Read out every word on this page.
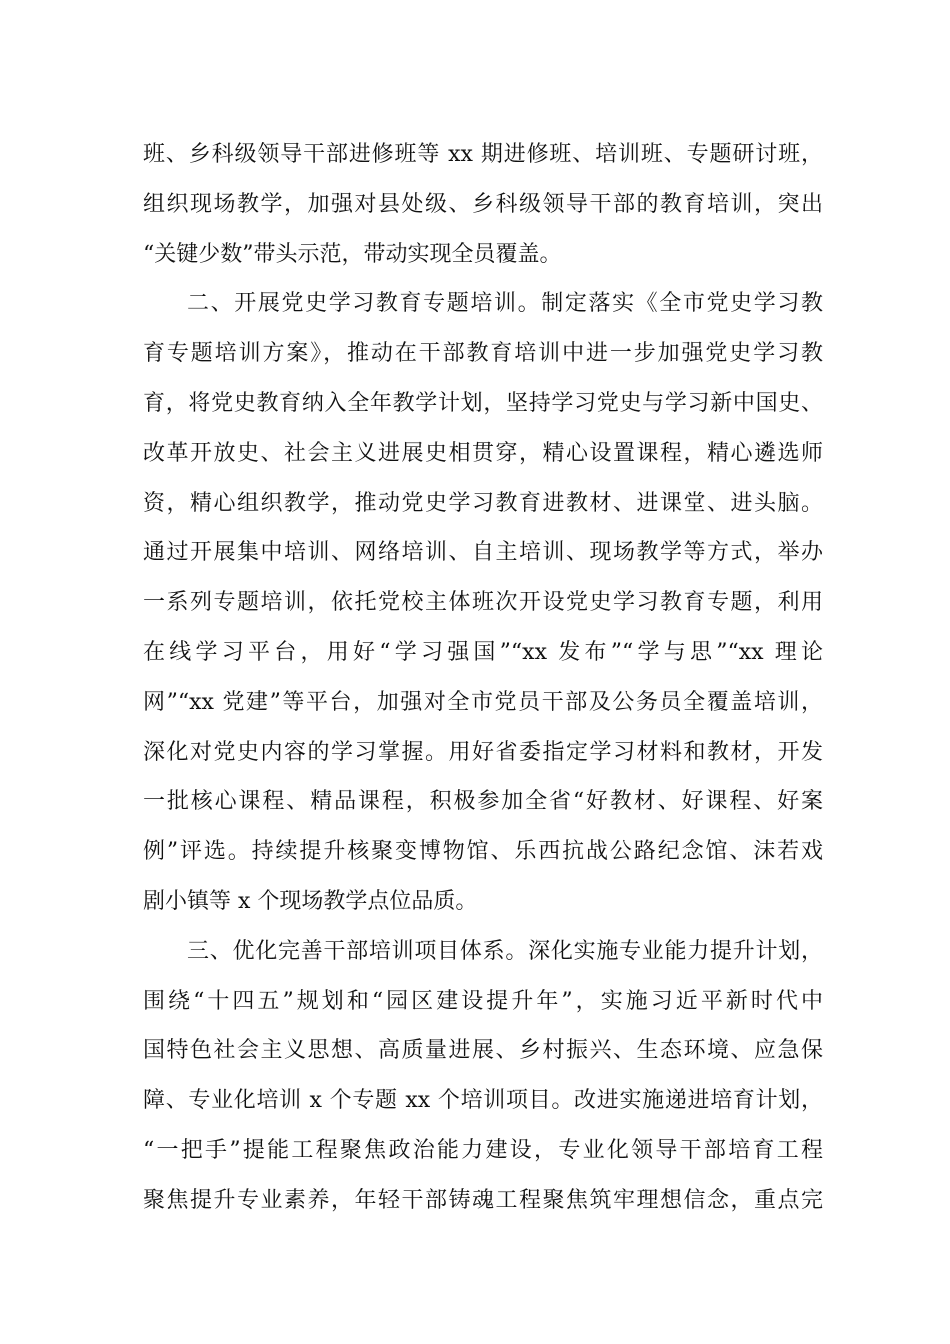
班、乡科级领导干部进修班等 xx 期进修班、培训班、专题研讨班，
组织现场教学，加强对县处级、乡科级领导干部的教育培训，突出
“关键少数”带头示范，带动实现全员覆盖。
二、开展党史学习教育专题培训。制定落实《全市党史学习教
育专题培训方案》，推动在干部教育培训中进一步加强党史学习教
育，将党史教育纳入全年教学计划，坚持学习党史与学习新中国史、
改革开放史、社会主义进展史相贯穿，精心设置课程，精心遴选师
资，精心组织教学，推动党史学习教育进教材、进课堂、进头脑。
通过开展集中培训、网络培训、自主培训、现场教学等方式，举办
一系列专题培训，依托党校主体班次开设党史学习教育专题，利用
在线学习平台，用好“学习强国”“xx 发布”“学与思”“xx 理论
网”“xx 党建”等平台，加强对全市党员干部及公务员全覆盖培训，
深化对党史内容的学习掌握。用好省委指定学习材料和教材，开发
一批核心课程、精品课程，积极参加全省“好教材、好课程、好案
例”评选。持续提升核聚变博物馆、乐西抗战公路纪念馆、沫若戏
剧小镇等 x 个现场教学点位品质。
三、优化完善干部培训项目体系。深化实施专业能力提升计划，
围绕“十四五”规划和“园区建设提升年”，实施习近平新时代中
国特色社会主义思想、高质量进展、乡村振兴、生态环境、应急保
障、专业化培训 x 个专题 xx 个培训项目。改进实施递进培育计划，
“一把手”提能工程聚焦政治能力建设，专业化领导干部培育工程
聚焦提升专业素养，年轻干部铸魂工程聚焦筑牢理想信念，重点完
